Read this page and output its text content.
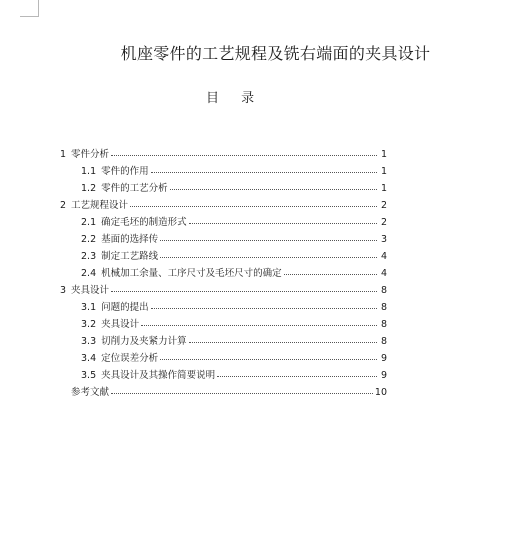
机座零件的工艺规程及铣右端面的夹具设计
目 录
1 零件分析	1
1.1 零件的作用	1
1.2 零件的工艺分析	1
2 工艺规程设计	2
2.1 确定毛坯的制造形式	2
2.2 基面的选择传	3
2.3 制定工艺路线	4
2.4 机械加工余量、工序尺寸及毛坯尺寸的确定	4
3 夹具设计	8
3.1 问题的提出	8
3.2 夹具设计	8
3.3 切削力及夹紧力计算	8
3.4 定位误差分析	9
3.5 夹具设计及其操作简要说明	9
参考文献	10
